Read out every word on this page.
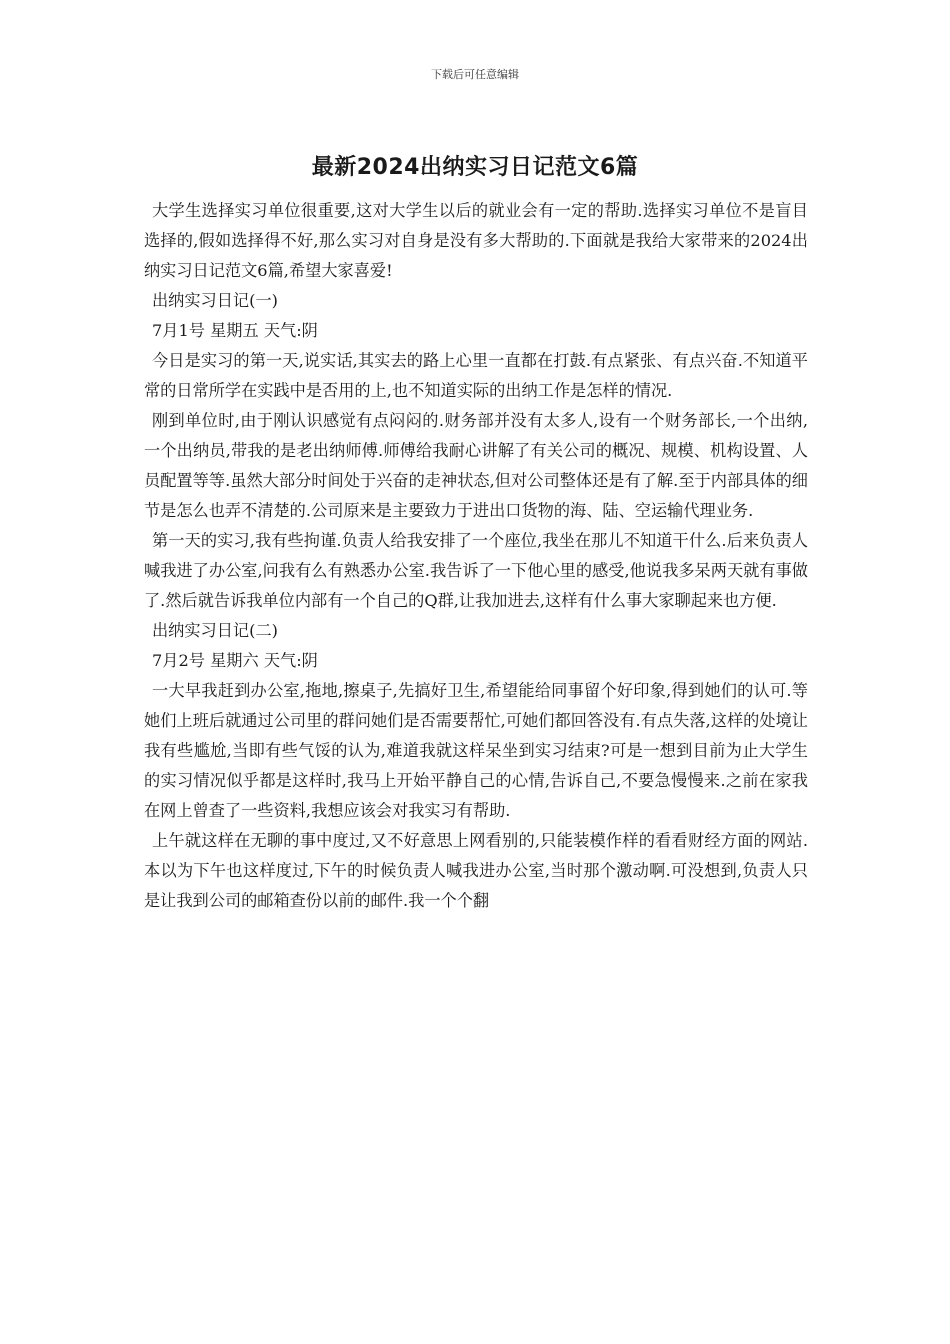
下载后可任意编辑
最新2024出纳实习日记范文6篇

大学生选择实习单位很重要,这对大学生以后的就业会有一定的帮助.选择实习单位不是盲目选择的,假如选择得不好,那么实习对自身是没有多大帮助的.下面就是我给大家带来的2024出纳实习日记范文6篇,希望大家喜爱!

出纳实习日记(一)

7月1号 星期五 天气:阴

今日是实习的第一天,说实话,其实去的路上心里一直都在打鼓.有点紧张、有点兴奋.不知道平常的日常所学在实践中是否用的上,也不知道实际的出纳工作是怎样的情况.

刚到单位时,由于刚认识感觉有点闷闷的.财务部并没有太多人,设有一个财务部长,一个出纳,一个出纳员,带我的是老出纳师傅.师傅给我耐心讲解了有关公司的概况、规模、机构设置、人员配置等等.虽然大部分时间处于兴奋的走神状态,但对公司整体还是有了解.至于内部具体的细节是怎么也弄不清楚的.公司原来是主要致力于进出口货物的海、陆、空运输代理业务.

第一天的实习,我有些拘谨.负责人给我安排了一个座位,我坐在那儿不知道干什么.后来负责人喊我进了办公室,问我有么有熟悉办公室.我告诉了一下他心里的感受,他说我多呆两天就有事做了.然后就告诉我单位内部有一个自己的Q群,让我加进去,这样有什么事大家聊起来也方便.

出纳实习日记(二)

7月2号 星期六 天气:阴

一大早我赶到办公室,拖地,擦桌子,先搞好卫生,希望能给同事留个好印象,得到她们的认可.等她们上班后就通过公司里的群问她们是否需要帮忙,可她们都回答没有.有点失落,这样的处境让我有些尴尬,当即有些气馁的认为,难道我就这样呆坐到实习结束?可是一想到目前为止大学生的实习情况似乎都是这样时,我马上开始平静自己的心情,告诉自己,不要急慢慢来.之前在家我在网上曾查了一些资料,我想应该会对我实习有帮助.

上午就这样在无聊的事中度过,又不好意思上网看别的,只能装模作样的看看财经方面的网站.本以为下午也这样度过,下午的时候负责人喊我进办公室,当时那个激动啊.可没想到,负责人只是让我到公司的邮箱查份以前的邮件.我一个个翻
